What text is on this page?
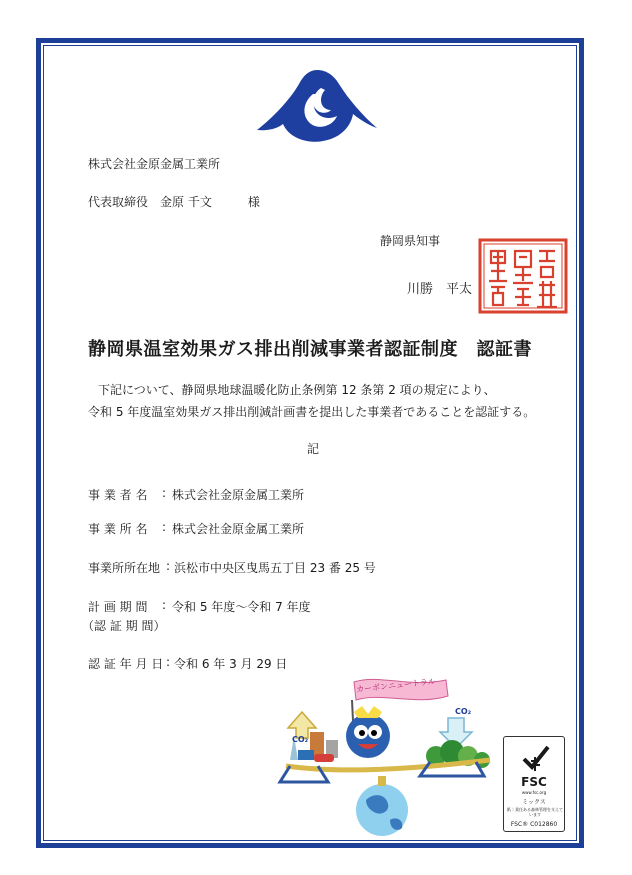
株式会社金原金属工業所
代表取締役　金原 千文　　　様
静岡県知事
川勝　平太
静岡県温室効果ガス排出削減事業者認証制度　認証書
下記について、静岡県地球温暖化防止条例第 12 条第 2 項の規定により、
令和 5 年度温室効果ガス排出削減計画書を提出した事業者であることを認証する。
記
事 業 者 名 : 株式会社金原金属工業所
事 業 所 名 : 株式会社金原金属工業所
事業所所在地 : 浜松市中央区曳馬五丁目 23 番 25 号
計 画 期 間 : 令和 5 年度〜令和 7 年度
（認 証 期 間）
認 証 年 月 日 : 令和 6 年 3 月 29 日
カーボンニュートラル
CO₂
CO₂
FSC
www.fsc.org
ミックス
紙｜責任ある森林管理を支えています
FSC® C012860
